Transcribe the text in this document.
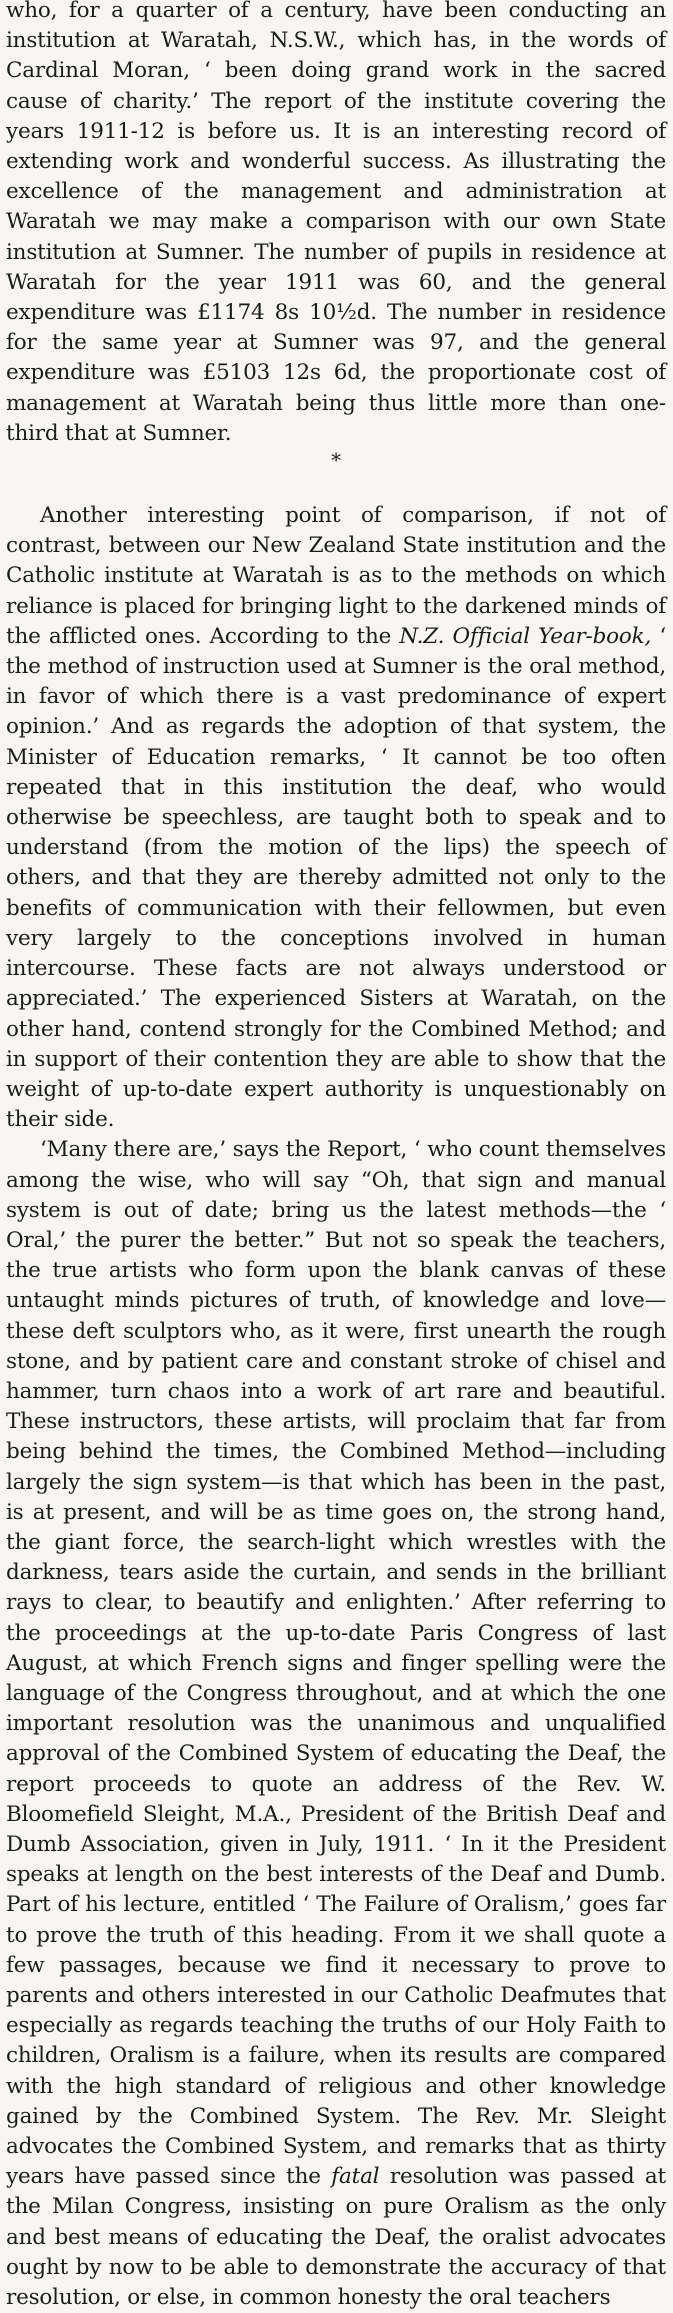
who, for a quarter of a century, have been conducting an institution at Waratah, N.S.W., which has, in the words of Cardinal Moran, ‘ been doing grand work in the sacred cause of charity.’ The report of the institute covering the years 1911-12 is before us. It is an interesting record of extending work and wonderful success. As illustrating the excellence of the management and administration at Waratah we may make a comparison with our own State institution at Sumner. The number of pupils in residence at Waratah for the year 1911 was 60, and the general expenditure was £1174 8s 10½d. The number in residence for the same year at Sumner was 97, and the general expenditure was £5103 12s 6d, the proportionate cost of management at Waratah being thus little more than one-third that at Sumner.

*

Another interesting point of comparison, if not of contrast, between our New Zealand State institution and the Catholic institute at Waratah is as to the methods on which reliance is placed for bringing light to the darkened minds of the afflicted ones. According to the N.Z. Official Year-book, ‘ the method of instruction used at Sumner is the oral method, in favor of which there is a vast predominance of expert opinion.’ And as regards the adoption of that system, the Minister of Education remarks, ‘ It cannot be too often repeated that in this institution the deaf, who would otherwise be speechless, are taught both to speak and to understand (from the motion of the lips) the speech of others, and that they are thereby admitted not only to the benefits of communication with their fellowmen, but even very largely to the conceptions involved in human intercourse. These facts are not always understood or appreciated.’ The experienced Sisters at Waratah, on the other hand, contend strongly for the Combined Method; and in support of their contention they are able to show that the weight of up-to-date expert authority is unquestionably on their side.

‘Many there are,’ says the Report, ‘ who count themselves among the wise, who will say “Oh, that sign and manual system is out of date; bring us the latest methods—the ‘ Oral,’ the purer the better.” But not so speak the teachers, the true artists who form upon the blank canvas of these untaught minds pictures of truth, of knowledge and love—these deft sculptors who, as it were, first unearth the rough stone, and by patient care and constant stroke of chisel and hammer, turn chaos into a work of art rare and beautiful. These instructors, these artists, will proclaim that far from being behind the times, the Combined Method—including largely the sign system—is that which has been in the past, is at present, and will be as time goes on, the strong hand, the giant force, the search-light which wrestles with the darkness, tears aside the curtain, and sends in the brilliant rays to clear, to beautify and enlighten.’ After referring to the proceedings at the up-to-date Paris Congress of last August, at which French signs and finger spelling were the language of the Congress throughout, and at which the one important resolution was the unanimous and unqualified approval of the Combined System of educating the Deaf, the report proceeds to quote an address of the Rev. W. Bloomefield Sleight, M.A., President of the British Deaf and Dumb Association, given in July, 1911. ‘ In it the President speaks at length on the best interests of the Deaf and Dumb. Part of his lecture, entitled ‘ The Failure of Oralism,’ goes far to prove the truth of this heading. From it we shall quote a few passages, because we find it necessary to prove to parents and others interested in our Catholic Deafmutes that especially as regards teaching the truths of our Holy Faith to children, Oralism is a failure, when its results are compared with the high standard of religious and other knowledge gained by the Combined System. The Rev. Mr. Sleight advocates the Combined System, and remarks that as thirty years have passed since the fatal resolution was passed at the Milan Congress, insisting on pure Oralism as the only and best means of educating the Deaf, the oralist advocates ought by now to be able to demonstrate the accuracy of that resolution, or else, in common honesty the oral teachers
